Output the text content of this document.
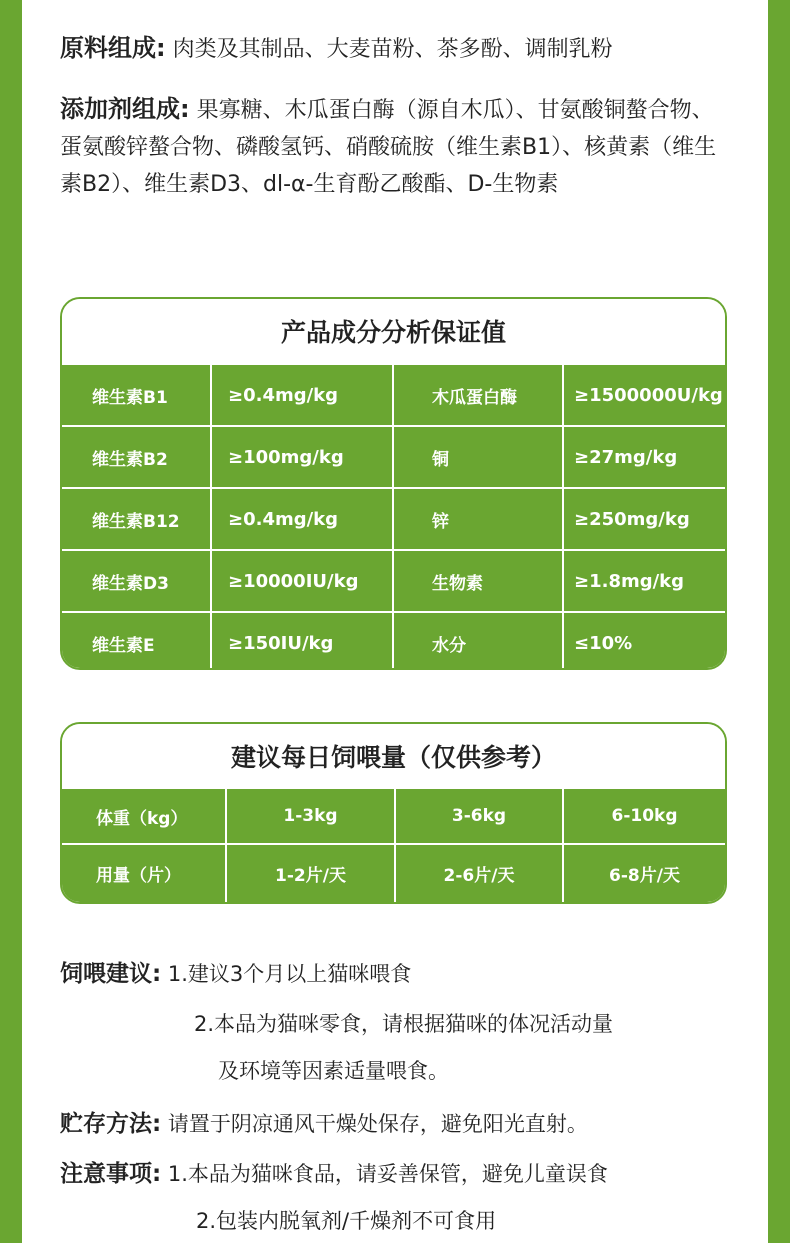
原料组成: 肉类及其制品、大麦苗粉、茶多酚、调制乳粉

添加剂组成: 果寡糖、木瓜蛋白酶（源自木瓜）、甘氨酸铜螯合物、蛋氨酸锌螯合物、磷酸氢钙、硝酸硫胺（维生素B1）、核黄素（维生素B2）、维生素D3、dl-α-生育酚乙酸酯、D-生物素

产品成分分析保证值
维生素B1	≥0.4mg/kg	木瓜蛋白酶	≥1500000U/kg
维生素B2	≥100mg/kg	铜	≥27mg/kg
维生素B12	≥0.4mg/kg	锌	≥250mg/kg
维生素D3	≥10000IU/kg	生物素	≥1.8mg/kg
维生素E	≥150IU/kg	水分	≤10%
建议每日饲喂量（仅供参考）
体重（kg）	1-3kg	3-6kg	6-10kg
用量（片）	1-2片/天	2-6片/天	6-8片/天
饲喂建议: 1.建议3个月以上猫咪喂食
2.本品为猫咪零食，请根据猫咪的体况活动量
及环境等因素适量喂食。
贮存方法: 请置于阴凉通风干燥处保存，避免阳光直射。
注意事项: 1.本品为猫咪食品，请妥善保管，避免儿童误食
2.包装内脱氧剂/千燥剂不可食用
